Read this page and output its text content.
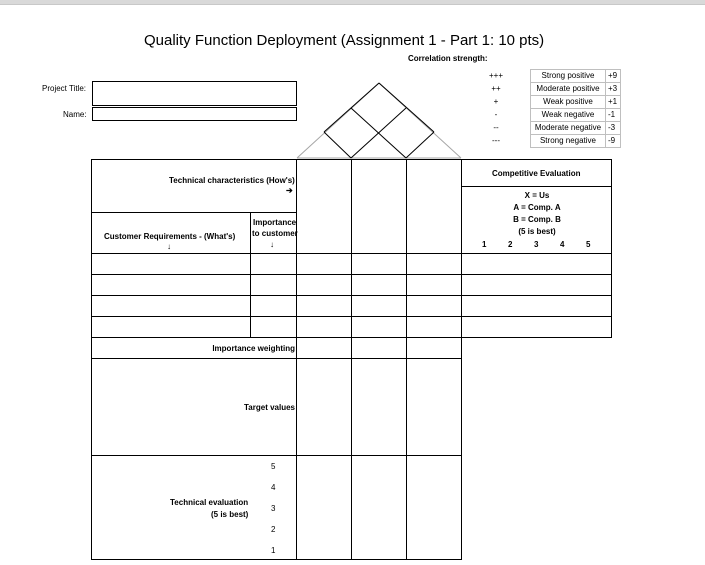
Quality Function Deployment (Assignment 1 - Part 1: 10 pts)
Correlation strength:
+++	Strong positive	+9
++	Moderate positive	+3
+	Weak positive	+1
-	Weak negative	-1
--	Moderate negative	-3
---	Strong negative	-9
Project Title:
Name:
Technical characteristics (How's)
➔
Customer Requirements - (What's)
↓
Importance
to customer
↓
Competitive Evaluation
X = Us
A = Comp. A
B = Comp. B
(5 is best)
1	2	3	4	5
Importance weighting
Target values
Technical evaluation
(5 is best)
5
4
3
2
1
